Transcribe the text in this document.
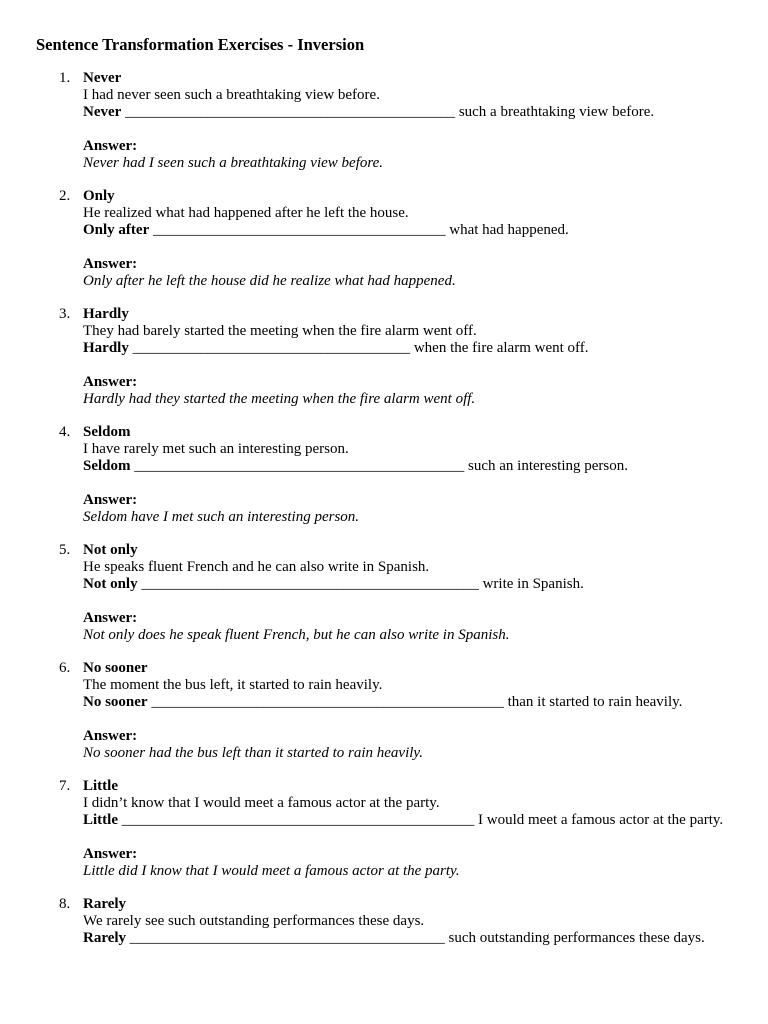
Sentence Transformation Exercises - Inversion
1. Never
I had never seen such a breathtaking view before.
Never ____________________________________________ such a breathtaking view before.
Answer:
Never had I seen such a breathtaking view before.
2. Only
He realized what had happened after he left the house.
Only after _______________________________________ what had happened.
Answer:
Only after he left the house did he realize what had happened.
3. Hardly
They had barely started the meeting when the fire alarm went off.
Hardly _____________________________________ when the fire alarm went off.
Answer:
Hardly had they started the meeting when the fire alarm went off.
4. Seldom
I have rarely met such an interesting person.
Seldom ____________________________________________ such an interesting person.
Answer:
Seldom have I met such an interesting person.
5. Not only
He speaks fluent French and he can also write in Spanish.
Not only _____________________________________________ write in Spanish.
Answer:
Not only does he speak fluent French, but he can also write in Spanish.
6. No sooner
The moment the bus left, it started to rain heavily.
No sooner _______________________________________________ than it started to rain heavily.
Answer:
No sooner had the bus left than it started to rain heavily.
7. Little
I didn’t know that I would meet a famous actor at the party.
Little _______________________________________________ I would meet a famous actor at the party.
Answer:
Little did I know that I would meet a famous actor at the party.
8. Rarely
We rarely see such outstanding performances these days.
Rarely __________________________________________ such outstanding performances these days.
